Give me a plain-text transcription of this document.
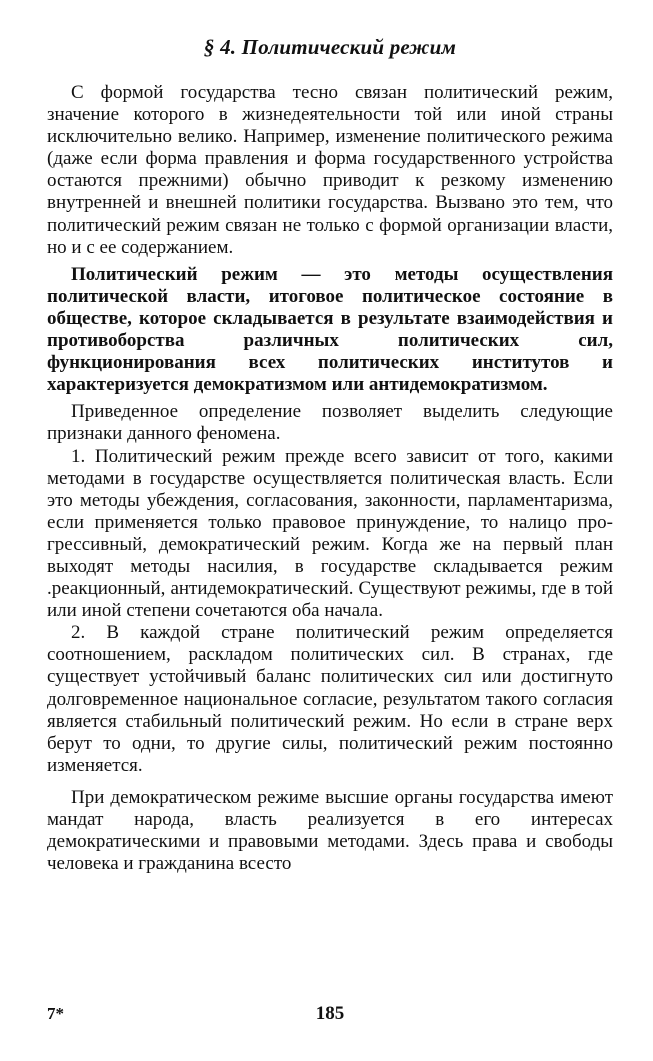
§ 4. Политический режим

С формой государства тесно связан политический режим, значение которого в жизнедеятельности той или иной страны исключительно велико. Например, изменение политического режима (даже если форма правления и форма государственного устройства остаются прежними) обычно приводит к резкому изменению внутренней и внешней политики государства. Вызвано это тем, что политический режим связан не только с формой организации власти, но и с ее содержанием.

Политический режим — это методы осуществления политической власти, итоговое политическое состояние в обществе, которое складывается в результате взаимодействия и противоборства различных политических сил, функционирования всех политических институтов и характеризуется демократизмом или антидемократизмом.

Приведенное определение позволяет выделить следующие признаки данного феномена.

1. Политический режим прежде всего зависит от того, какими методами в государстве осуществляется политическая власть. Если это методы убеждения, согласования, законности, парламентаризма, если применяется только правовое принуждение, то налицо прогрессивный, демократический режим. Когда же на первый план выходят методы насилия, в государстве складывается режим .реакционный, антидемократический. Существуют режимы, где в той или иной степени сочетаются оба начала.

2. В каждой стране политический режим определяется соотношением, раскладом политических сил. В странах, где существует устойчивый баланс политических сил или достигнуто долговременное национальное согласие, результатом такого согласия является стабильный политический режим. Но если в стране верх берут то одни, то другие силы, политический режим постоянно изменяется.

При демократическом режиме высшие органы государства имеют мандат народа, власть реализуется в его интересах демократическими и правовыми методами. Здесь права и свободы человека и гражданина всесто

7*	185
